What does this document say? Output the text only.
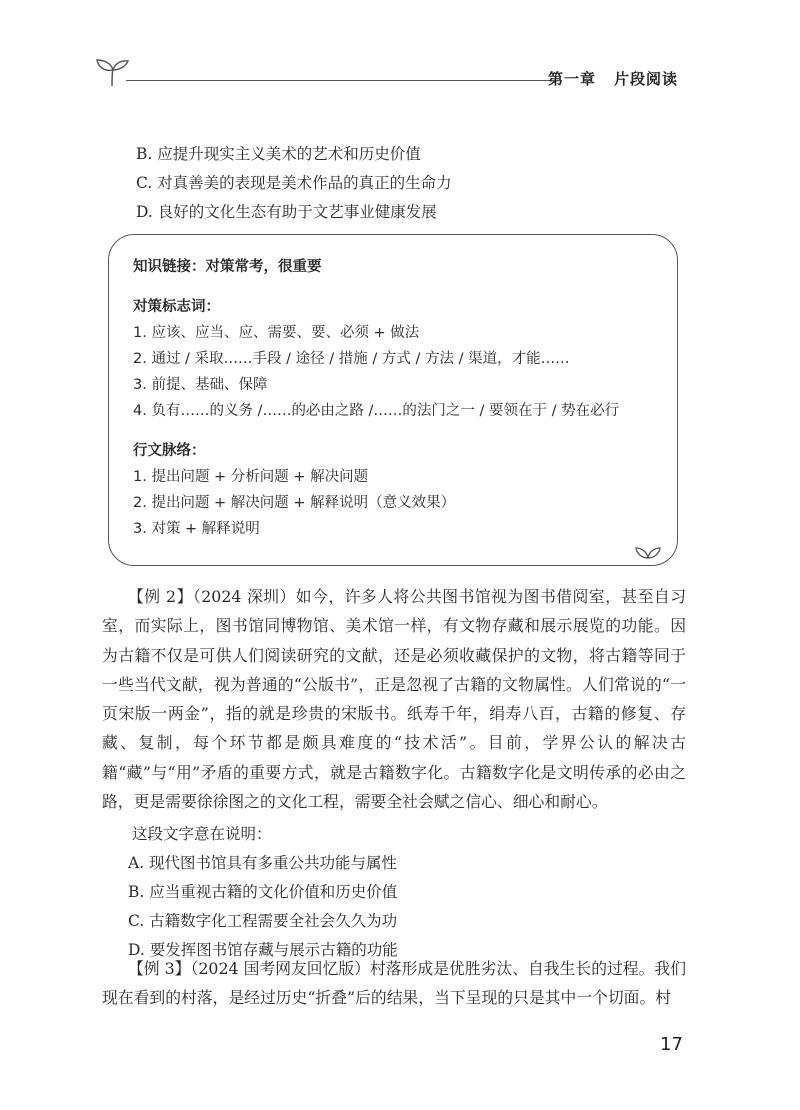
第一章 片段阅读
B. 应提升现实主义美术的艺术和历史价值
C. 对真善美的表现是美术作品的真正的生命力
D. 良好的文化生态有助于文艺事业健康发展
知识链接：对策常考，很重要
对策标志词：
1. 应该、应当、应、需要、要、必须 + 做法
2. 通过 / 采取……手段 / 途径 / 措施 / 方式 / 方法 / 渠道，才能……
3. 前提、基础、保障
4. 负有……的义务 /……的必由之路 /……的法门之一 / 要领在于 / 势在必行
行文脉络：
1. 提出问题 + 分析问题 + 解决问题
2. 提出问题 + 解决问题 + 解释说明（意义效果）
3. 对策 + 解释说明
【例 2】（2024 深圳）如今，许多人将公共图书馆视为图书借阅室，甚至自习室，而实际上，图书馆同博物馆、美术馆一样，有文物存藏和展示展览的功能。因为古籍不仅是可供人们阅读研究的文献，还是必须收藏保护的文物，将古籍等同于一些当代文献，视为普通的“公版书”，正是忽视了古籍的文物属性。人们常说的“一页宋版一两金”，指的就是珍贵的宋版书。纸寿千年，绢寿八百，古籍的修复、存藏、复制，每个环节都是颇具难度的“技术活”。目前，学界公认的解决古籍“藏”与“用”矛盾的重要方式，就是古籍数字化。古籍数字化是文明传承的必由之路，更是需要徐徐图之的文化工程，需要全社会赋之信心、细心和耐心。
这段文字意在说明：
A. 现代图书馆具有多重公共功能与属性
B. 应当重视古籍的文化价值和历史价值
C. 古籍数字化工程需要全社会久久为功
D. 要发挥图书馆存藏与展示古籍的功能
【例 3】（2024 国考网友回忆版）村落形成是优胜劣汰、自我生长的过程。我们现在看到的村落，是经过历史“折叠”后的结果，当下呈现的只是其中一个切面。村
17
